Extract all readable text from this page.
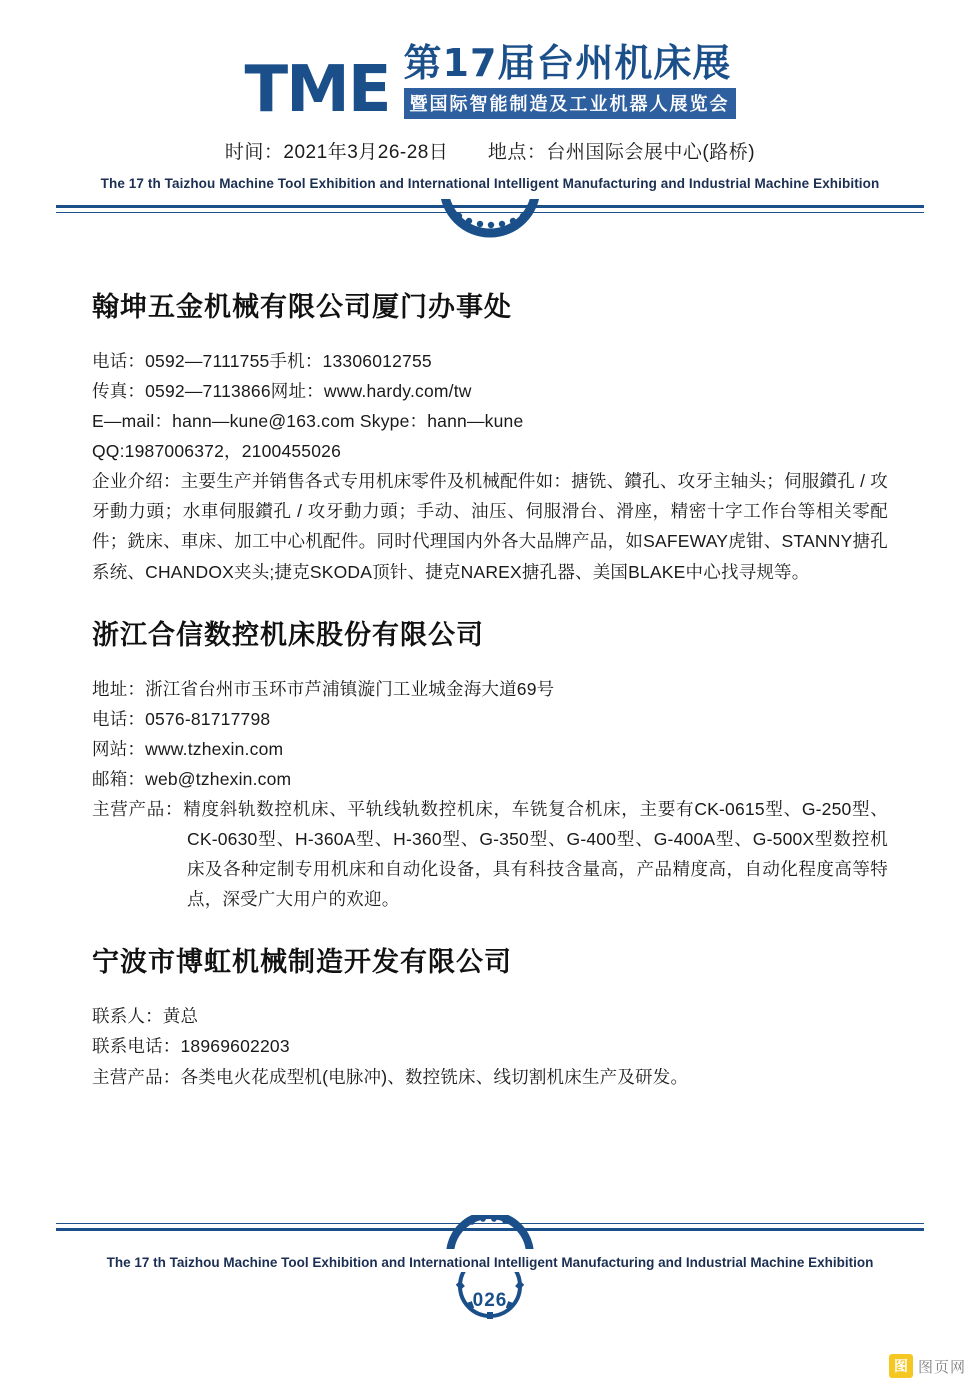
TME 第17届台州机床展
暨国际智能制造及工业机器人展览会
时间：2021年3月26-28日 地点：台州国际会展中心(路桥)
The 17 th Taizhou Machine Tool Exhibition and International Intelligent Manufacturing and Industrial Machine Exhibition
翰坤五金机械有限公司厦门办事处
电话：0592—7111755手机：13306012755
传真：0592—7113866网址：www.hardy.com/tw
E—mail：hann—kune@163.com Skype：hann—kune
QQ:1987006372，2100455026
企业介绍：主要生产并销售各式专用机床零件及机械配件如：搪铣、鑚孔、攻牙主轴头；伺服鑚孔 / 攻牙動力頭；水車伺服鑚孔 / 攻牙動力頭；手动、油压、伺服滑台、滑座，精密十字工作台等相关零配件；銑床、車床、加工中心机配件。同时代理国内外各大品牌产品，如SAFEWAY虎钳、STANNY搪孔系统、CHANDOX夹头;捷克SKODA顶针、捷克NAREX搪孔器、美国BLAKE中心找寻规等。
浙江合信数控机床股份有限公司
地址：浙江省台州市玉环市芦浦镇漩门工业城金海大道69号
电话：0576-81717798
网站：www.tzhexin.com
邮箱：web@tzhexin.com
主营产品：精度斜轨数控机床、平轨线轨数控机床，车铣复合机床，主要有CK-0615型、G-250型、CK-0630型、H-360A型、H-360型、G-350型、G-400型、G-400A型、G-500X型数控机床及各种定制专用机床和自动化设备，具有科技含量高，产品精度高，自动化程度高等特点，深受广大用户的欢迎。
宁波市博虹机械制造开发有限公司
联系人：黄总
联系电话：18969602203
主营产品：各类电火花成型机(电脉冲)、数控铣床、线切割机床生产及研发。
The 17 th Taizhou Machine Tool Exhibition and International Intelligent Manufacturing and Industrial Machine Exhibition
026
图 图页网
